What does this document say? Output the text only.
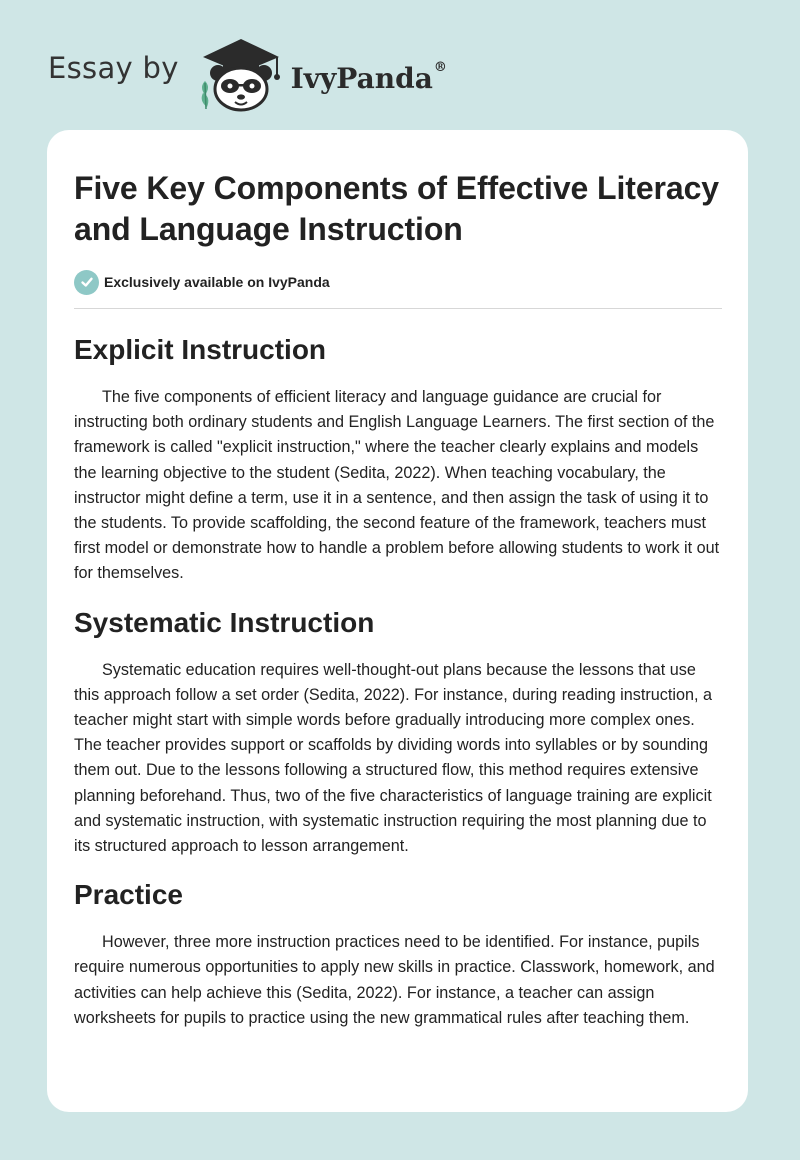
Essay by	IvyPanda®
Five Key Components of Effective Literacy and Language Instruction
Exclusively available on IvyPanda
Explicit Instruction

The five components of efficient literacy and language guidance are crucial for instructing both ordinary students and English Language Learners. The first section of the framework is called "explicit instruction," where the teacher clearly explains and models the learning objective to the student (Sedita, 2022). When teaching vocabulary, the instructor might define a term, use it in a sentence, and then assign the task of using it to the students. To provide scaffolding, the second feature of the framework, teachers must first model or demonstrate how to handle a problem before allowing students to work it out for themselves.

Systematic Instruction

Systematic education requires well-thought-out plans because the lessons that use this approach follow a set order (Sedita, 2022). For instance, during reading instruction, a teacher might start with simple words before gradually introducing more complex ones. The teacher provides support or scaffolds by dividing words into syllables or by sounding them out. Due to the lessons following a structured flow, this method requires extensive planning beforehand. Thus, two of the five characteristics of language training are explicit and systematic instruction, with systematic instruction requiring the most planning due to its structured approach to lesson arrangement.

Practice

However, three more instruction practices need to be identified. For instance, pupils require numerous opportunities to apply new skills in practice. Classwork, homework, and activities can help achieve this (Sedita, 2022). For instance, a teacher can assign worksheets for pupils to practice using the new grammatical rules after teaching them.
